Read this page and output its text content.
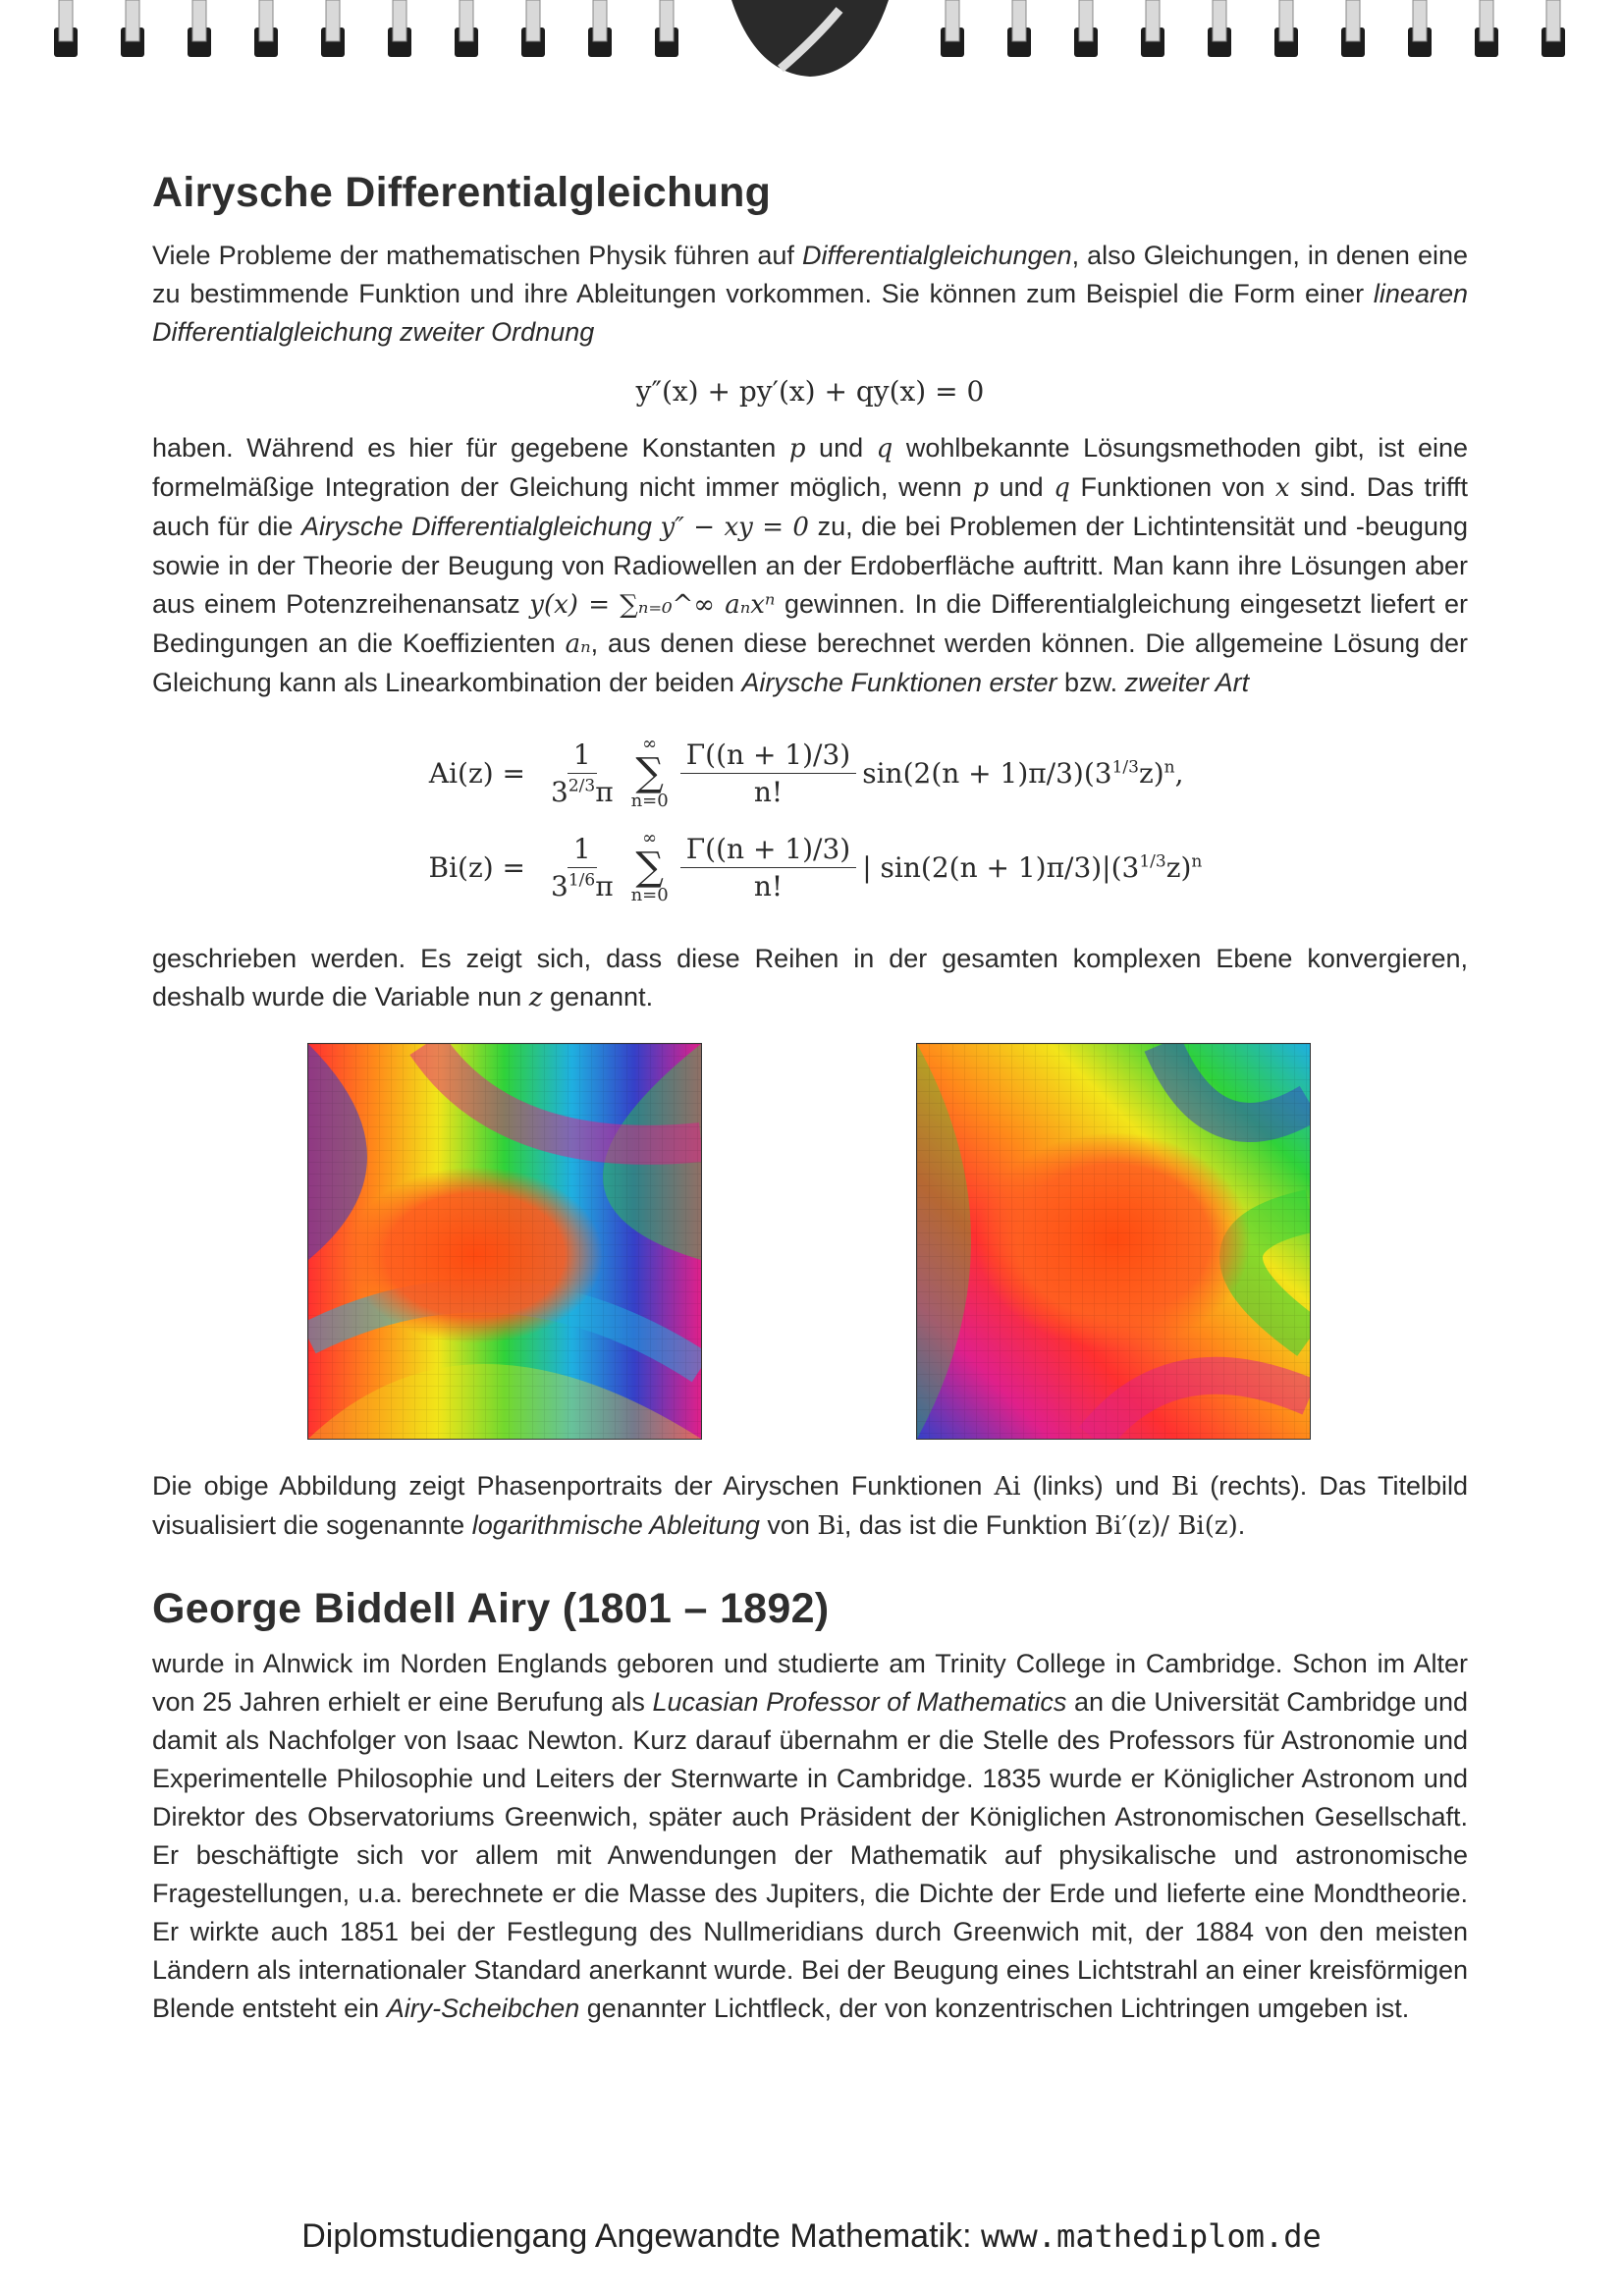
Airysche Differentialgleichung

Viele Probleme der mathematischen Physik führen auf Differentialgleichungen, also Gleichungen, in denen eine zu bestimmende Funktion und ihre Ableitungen vorkommen. Sie können zum Beispiel die Form einer linearen Differentialgleichung zweiter Ordnung

y″(x) + py′(x) + qy(x) = 0

haben. Während es hier für gegebene Konstanten p und q wohlbekannte Lösungsmethoden gibt, ist eine formelmäßige Integration der Gleichung nicht immer möglich, wenn p und q Funktionen von x sind. Das trifft auch für die Airysche Differentialgleichung y″ − xy = 0 zu, die bei Problemen der Lichtintensität und -beugung sowie in der Theorie der Beugung von Radiowellen an der Erdoberfläche auftritt. Man kann ihre Lösungen aber aus einem Potenzreihenansatz y(x) = ∑ₙ₌₀^∞ aₙxⁿ gewinnen. In die Differentialgleichung eingesetzt liefert er Bedingungen an die Koeffizienten aₙ, aus denen diese berechnet werden können. Die allgemeine Lösung der Gleichung kann als Linearkombination der beiden Airysche Funktionen erster bzw. zweiter Art

$Ai(z) = \frac{1}{3^{2/3}\pi}$ ∞
∑
$n=0 \frac{\Gamma((n + 1)/3)}{n!} \sin(2(n + 1)\pi/3)(3^{1/3}z)^n$,
$Bi(z) = \frac{1}{3^{1/6}\pi}$ ∞
∑
$n=0 \frac{\Gamma((n + 1)/3)}{n!}$ | $\sin(2(n + 1)\pi/3)|(3^{1/3}z)^n$

geschrieben werden. Es zeigt sich, dass diese Reihen in der gesamten komplexen Ebene konvergieren, deshalb wurde die Variable nun z genannt.

Die obige Abbildung zeigt Phasenportraits der Airyschen Funktionen Ai (links) und Bi (rechts). Das Titelbild visualisiert die sogenannte logarithmische Ableitung von Bi, das ist die Funktion Bi′(z)/ Bi(z).

George Biddell Airy (1801 – 1892)

wurde in Alnwick im Norden Englands geboren und studierte am Trinity College in Cambridge. Schon im Alter von 25 Jahren erhielt er eine Berufung als Lucasian Professor of Mathematics an die Universität Cambridge und damit als Nachfolger von Isaac Newton. Kurz darauf übernahm er die Stelle des Professors für Astronomie und Experimentelle Philosophie und Leiters der Sternwarte in Cambridge. 1835 wurde er Königlicher Astronom und Direktor des Observatoriums Greenwich, später auch Präsident der Königlichen Astronomischen Gesellschaft. Er beschäftigte sich vor allem mit Anwendungen der Mathematik auf physikalische und astronomische Fragestellungen, u.a. berechnete er die Masse des Jupiters, die Dichte der Erde und lieferte eine Mondtheorie. Er wirkte auch 1851 bei der Festlegung des Nullmeridians durch Greenwich mit, der 1884 von den meisten Ländern als internationaler Standard anerkannt wurde. Bei der Beugung eines Lichtstrahl an einer kreisförmigen Blende entsteht ein Airy-Scheibchen genannter Lichtfleck, der von konzentrischen Lichtringen umgeben ist.

Diplomstudiengang Angewandte Mathematik: www.mathediplom.de
